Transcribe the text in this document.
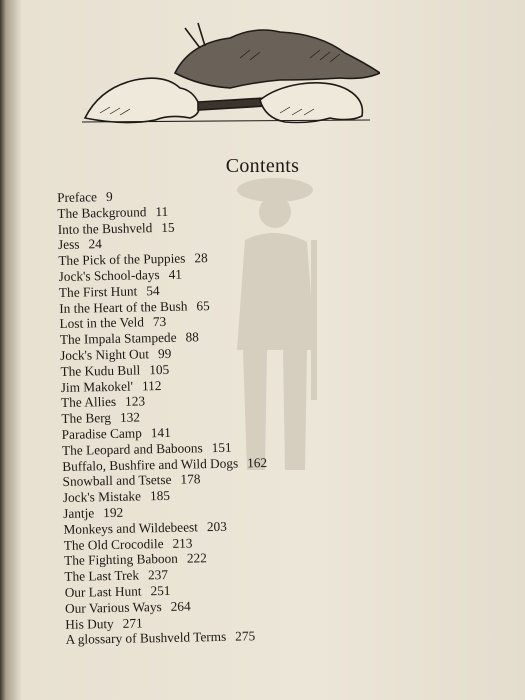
Contents
Preface 9
The Background 11
Into the Bushveld 15
Jess 24
The Pick of the Puppies 28
Jock's School-days 41
The First Hunt 54
In the Heart of the Bush 65
Lost in the Veld 73
The Impala Stampede 88
Jock's Night Out 99
The Kudu Bull 105
Jim Makokel' 112
The Allies 123
The Berg 132
Paradise Camp 141
The Leopard and Baboons 151
Buffalo, Bushfire and Wild Dogs 162
Snowball and Tsetse 178
Jock's Mistake 185
Jantje 192
Monkeys and Wildebeest 203
The Old Crocodile 213
The Fighting Baboon 222
The Last Trek 237
Our Last Hunt 251
Our Various Ways 264
His Duty 271
A glossary of Bushveld Terms 275
